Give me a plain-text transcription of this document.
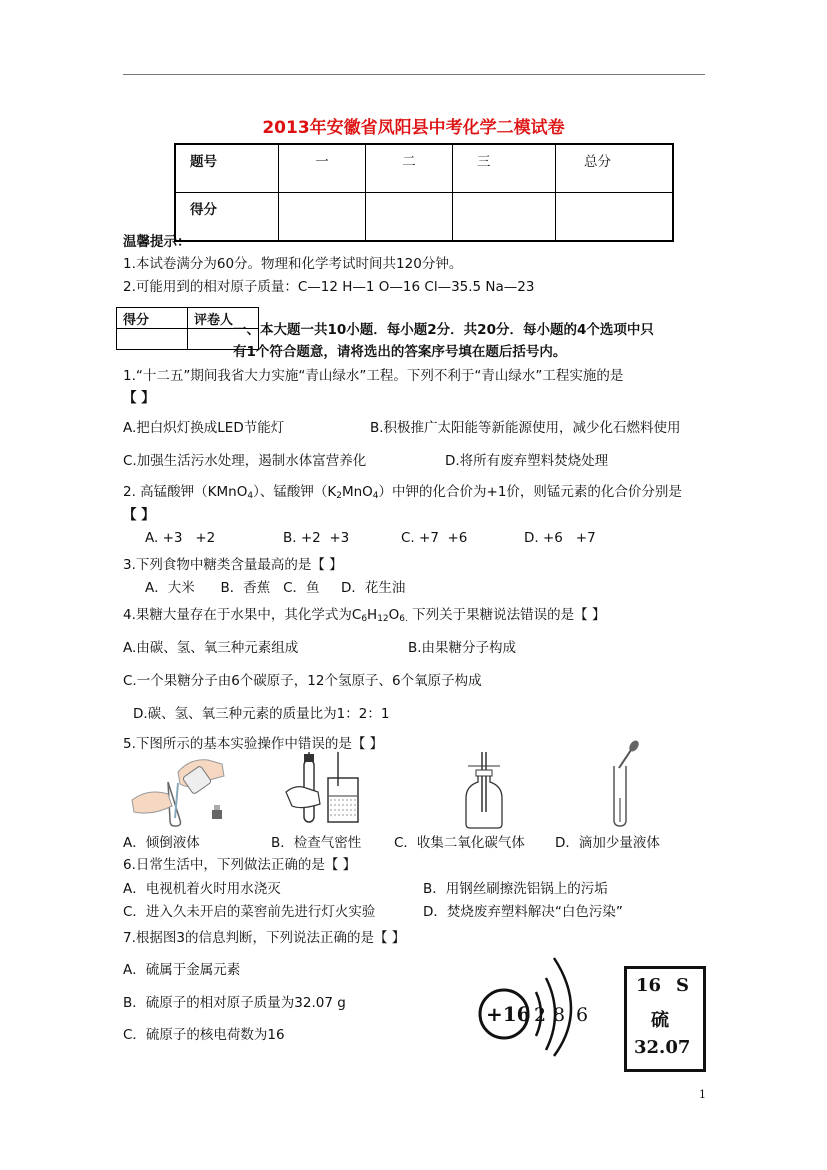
2013年安徽省凤阳县中考化学二模试卷
题号	一	二	三	总分
得分				
温馨提示：
1.本试卷满分为60分。物理和化学考试时间共120分钟。
2.可能用到的相对原子质量：C—12 H—1 O—16 Cl—35.5 Na—23
得分	评卷人

一、本大题一共10小题．每小题2分．共20分．每小题的4个选项中只
有1个符合题意，请将选出的答案序号填在题后括号内。
1.“十二五”期间我省大力实施“青山绿水”工程。下列不利于“青山绿水”工程实施的是
【 】
A.把白炽灯换成LED节能灯	B.积极推广太阳能等新能源使用，减少化石燃料使用
C.加强生活污水处理，遏制水体富营养化	D.将所有废弃塑料焚烧处理
2. 高锰酸钾（KMnO$_4$）、锰酸钾$(K_2MnO_4)$中钾的化合价为+1价，则锰元素的化合价分别是
【 】
A. +3   +2	B. +2  +3	C. +7  +6	D. +6   +7
3.下列食物中糖类含量最高的是【 】
A．大米      B．香蕉   C．鱼     D．花生油
4.果糖大量存在于水果中，其化学式为$C_6H_{12}O_{6.}$ 下列关于果糖说法错误的是【 】
A.由碳、氢、氧三种元素组成	B.由果糖分子构成
C.一个果糖分子由6个碳原子，12个氢原子、6个氧原子构成
D.碳、氢、氧三种元素的质量比为1：2：1
5.下图所示的基本实验操作中错误的是【 】
A．倾倒液体	B．检查气密性 C．收集二氧化碳气体 D．滴加少量液体
6.日常生活中，下列做法正确的是【 】
A．电视机着火时用水浇灭	B．用钢丝刷擦洗铝锅上的污垢
C．进入久未开启的菜窖前先进行灯火实验	D．焚烧废弃塑料解决“白色污染”
7.根据图3的信息判断，下列说法正确的是【 】
A．硫属于金属元素
B．硫原子的相对原子质量为32.07 g
C．硫原子的核电荷数为16
+16 2 8 6
16 S
硫
32.07
1
